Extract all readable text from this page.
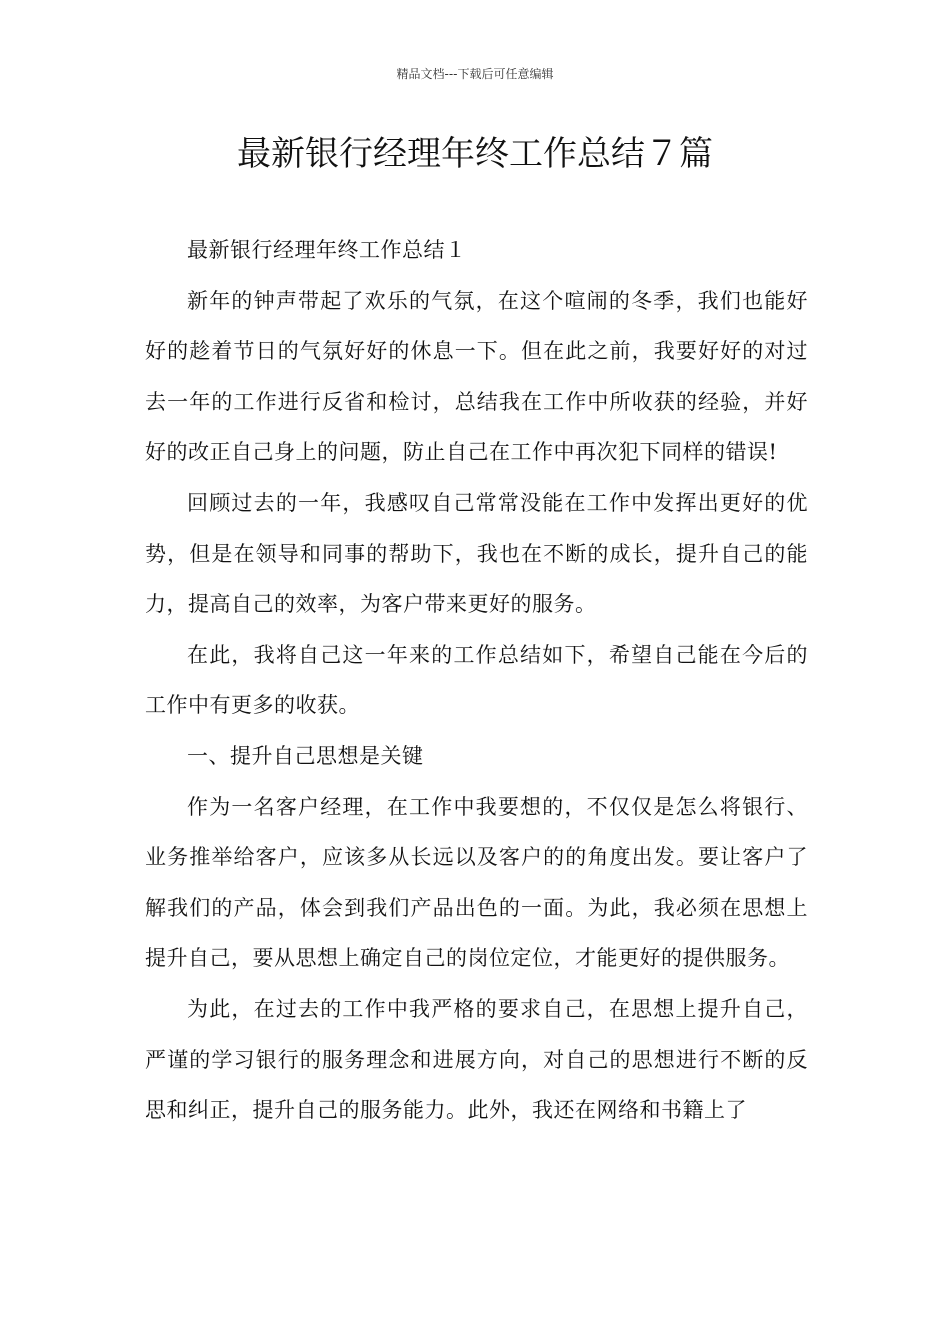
精品文档---下载后可任意编辑
最新银行经理年终工作总结７篇

最新银行经理年终工作总结１

新年的钟声带起了欢乐的气氛，在这个喧闹的冬季，我们也能好好的趁着节日的气氛好好的休息一下。但在此之前，我要好好的对过去一年的工作进行反省和检讨，总结我在工作中所收获的经验，并好好的改正自己身上的问题，防止自己在工作中再次犯下同样的错误!

回顾过去的一年，我感叹自己常常没能在工作中发挥出更好的优势，但是在领导和同事的帮助下，我也在不断的成长，提升自己的能力，提高自己的效率，为客户带来更好的服务。

在此，我将自己这一年来的工作总结如下，希望自己能在今后的工作中有更多的收获。

一、提升自己思想是关键

作为一名客户经理，在工作中我要想的，不仅仅是怎么将银行、业务推举给客户，应该多从长远以及客户的的角度出发。要让客户了解我们的产品，体会到我们产品出色的一面。为此，我必须在思想上提升自己，要从思想上确定自己的岗位定位，才能更好的提供服务。

为此，在过去的工作中我严格的要求自己，在思想上提升自己，严谨的学习银行的服务理念和进展方向，对自己的思想进行不断的反思和纠正，提升自己的服务能力。此外，我还在网络和书籍上了
